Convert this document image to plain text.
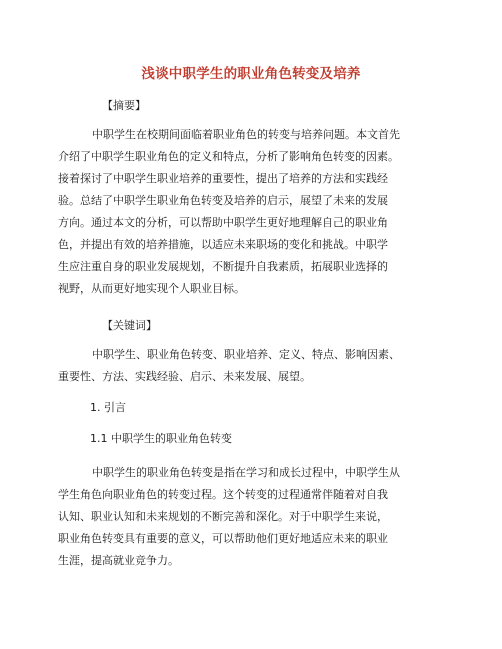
浅谈中职学生的职业角色转变及培养
【摘要】
中职学生在校期间面临着职业角色的转变与培养问题。本文首先
介绍了中职学生职业角色的定义和特点，分析了影响角色转变的因素。
接着探讨了中职学生职业培养的重要性，提出了培养的方法和实践经
验。总结了中职学生职业角色转变及培养的启示，展望了未来的发展
方向。通过本文的分析，可以帮助中职学生更好地理解自己的职业角
色，并提出有效的培养措施，以适应未来职场的变化和挑战。中职学
生应注重自身的职业发展规划，不断提升自我素质，拓展职业选择的
视野，从而更好地实现个人职业目标。
【关键词】
中职学生、职业角色转变、职业培养、定义、特点、影响因素、
重要性、方法、实践经验、启示、未来发展、展望。
1. 引言
1.1 中职学生的职业角色转变
中职学生的职业角色转变是指在学习和成长过程中，中职学生从
学生角色向职业角色的转变过程。这个转变的过程通常伴随着对自我
认知、职业认知和未来规划的不断完善和深化。对于中职学生来说，
职业角色转变具有重要的意义，可以帮助他们更好地适应未来的职业
生涯，提高就业竞争力。
